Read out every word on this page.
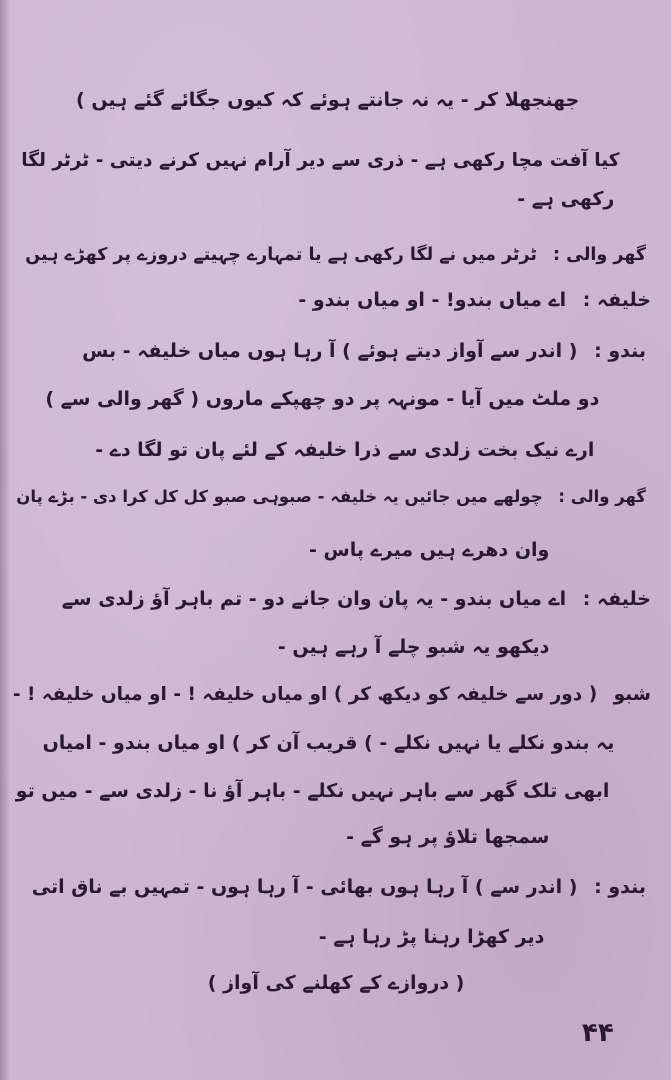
جھنجھلا کر - یہ نہ جانتے ہوئے کہ کیوں جگائے گئے ہیں )
کیا آفت مچا رکھی ہے - ذری سے دیر آرام نہیں کرنے دیتی - ٹرٹر لگا
رکھی ہے -
گھر والی : ٹرٹر میں نے لگا رکھی ہے یا تمہارے چہیتے دروزے پر کھڑے ہیں
خلیفہ : اے میاں بندو! - او میاں بندو -
بندو : ( اندر سے آواز دیتے ہوئے ) آ رہا ہوں میاں خلیفہ - بس
دو ملٹ میں آیا - مونہہ پر دو چھپکے ماروں ( گھر والی سے )
ارے نیک بخت زلدی سے ذرا خلیفہ کے لئے پان تو لگا دے -
گھر والی : چولھے میں جائیں یہ خلیفہ - صبوہی صبو کل کل کرا دی - بڑے پان
وان دھرے ہیں میرے پاس -
خلیفہ : اے میاں بندو - یہ پان وان جانے دو - تم باہر آؤ زلدی سے
دیکھو یہ شبو چلے آ رہے ہیں -
شبو ( دور سے خلیفہ کو دیکھ کر ) او میاں خلیفہ ! - او میاں خلیفہ ! -
یہ بندو نکلے یا نہیں نکلے - ) قریب آن کر ) او میاں بندو - امیاں
ابھی تلک گھر سے باہر نہیں نکلے - باہر آؤ نا - زلدی سے - میں تو
سمجھا تلاؤ پر ہو گے -
بندو : ( اندر سے ) آ رہا ہوں بھائی - آ رہا ہوں - تمہیں بے ناق اتی
دیر کھڑا رہنا پڑ رہا ہے -
( دروازے کے کھلنے کی آواز )
۴۴
